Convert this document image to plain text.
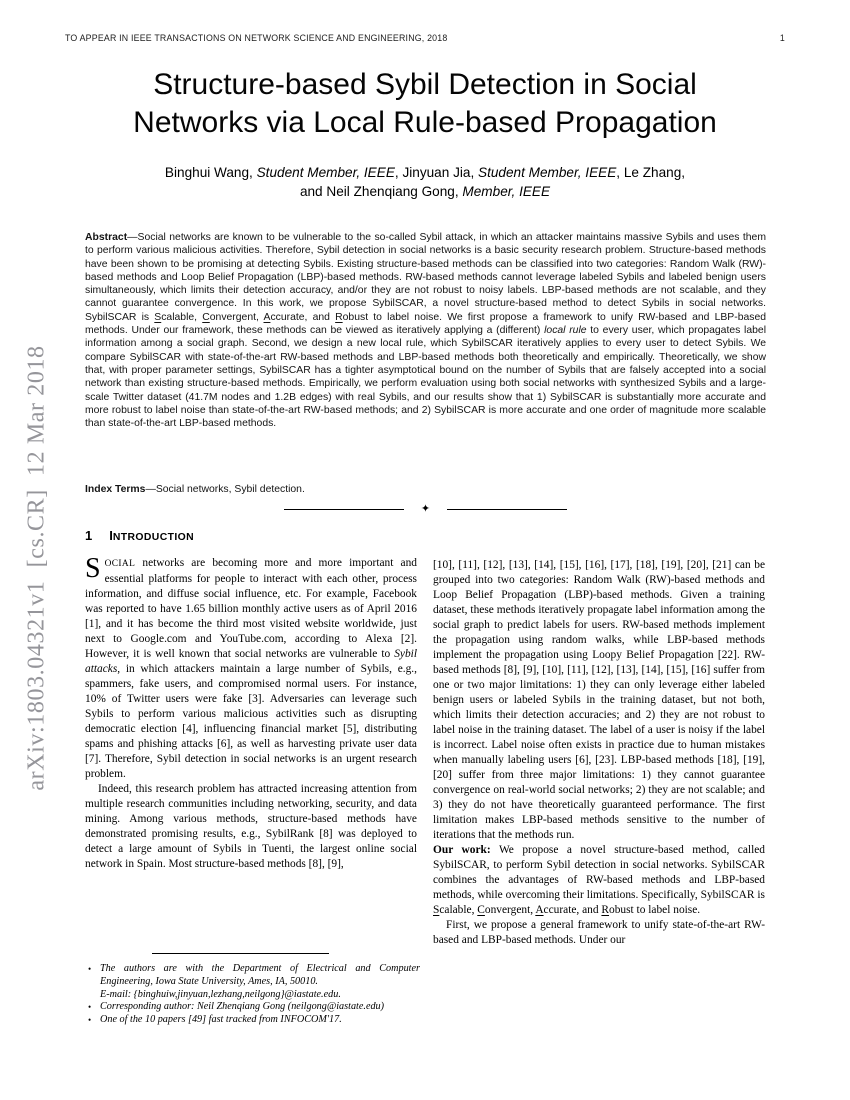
arXiv:1803.04321v1  [cs.CR]  12 Mar 2018
TO APPEAR IN IEEE TRANSACTIONS ON NETWORK SCIENCE AND ENGINEERING, 2018	1
Structure-based Sybil Detection in Social
Networks via Local Rule-based Propagation
Binghui Wang, Student Member, IEEE, Jinyuan Jia, Student Member, IEEE, Le Zhang,
and Neil Zhenqiang Gong, Member, IEEE

Abstract—Social networks are known to be vulnerable to the so-called Sybil attack, in which an attacker maintains massive Sybils and uses them to perform various malicious activities. Therefore, Sybil detection in social networks is a basic security research problem. Structure-based methods have been shown to be promising at detecting Sybils. Existing structure-based methods can be classified into two categories: Random Walk (RW)-based methods and Loop Belief Propagation (LBP)-based methods. RW-based methods cannot leverage labeled Sybils and labeled benign users simultaneously, which limits their detection accuracy, and/or they are not robust to noisy labels. LBP-based methods are not scalable, and they cannot guarantee convergence. In this work, we propose SybilSCAR, a novel structure-based method to detect Sybils in social networks. SybilSCAR is Scalable, Convergent, Accurate, and Robust to label noise. We first propose a framework to unify RW-based and LBP-based methods. Under our framework, these methods can be viewed as iteratively applying a (different) local rule to every user, which propagates label information among a social graph. Second, we design a new local rule, which SybilSCAR iteratively applies to every user to detect Sybils. We compare SybilSCAR with state-of-the-art RW-based methods and LBP-based methods both theoretically and empirically. Theoretically, we show that, with proper parameter settings, SybilSCAR has a tighter asymptotical bound on the number of Sybils that are falsely accepted into a social network than existing structure-based methods. Empirically, we perform evaluation using both social networks with synthesized Sybils and a large-scale Twitter dataset (41.7M nodes and 1.2B edges) with real Sybils, and our results show that 1) SybilSCAR is substantially more accurate and more robust to label noise than state-of-the-art RW-based methods; and 2) SybilSCAR is more accurate and one order of magnitude more scalable than state-of-the-art LBP-based methods.

Index Terms—Social networks, Sybil detection.

✦
1 INTRODUCTION

SOCIAL networks are becoming more and more important and essential platforms for people to interact with each other, process information, and diffuse social influence, etc. For example, Facebook was reported to have 1.65 billion monthly active users as of April 2016 [1], and it has become the third most visited website worldwide, just next to Google.com and YouTube.com, according to Alexa [2]. However, it is well known that social networks are vulnerable to Sybil attacks, in which attackers maintain a large number of Sybils, e.g., spammers, fake users, and compromised normal users. For instance, 10% of Twitter users were fake [3]. Adversaries can leverage such Sybils to perform various malicious activities such as disrupting democratic election [4], influencing financial market [5], distributing spams and phishing attacks [6], as well as harvesting private user data [7]. Therefore, Sybil detection in social networks is an urgent research problem.

Indeed, this research problem has attracted increasing attention from multiple research communities including networking, security, and data mining. Among various methods, structure-based methods have demonstrated promising results, e.g., SybilRank [8] was deployed to detect a large amount of Sybils in Tuenti, the largest online social network in Spain. Most structure-based methods [8], [9],

[10], [11], [12], [13], [14], [15], [16], [17], [18], [19], [20], [21] can be grouped into two categories: Random Walk (RW)-based methods and Loop Belief Propagation (LBP)-based methods. Given a training dataset, these methods iteratively propagate label information among the social graph to predict labels for users. RW-based methods implement the propagation using random walks, while LBP-based methods implement the propagation using Loopy Belief Propagation [22]. RW-based methods [8], [9], [10], [11], [12], [13], [14], [15], [16] suffer from one or two major limitations: 1) they can only leverage either labeled benign users or labeled Sybils in the training dataset, but not both, which limits their detection accuracies; and 2) they are not robust to label noise in the training dataset. The label of a user is noisy if the label is incorrect. Label noise often exists in practice due to human mistakes when manually labeling users [6], [23]. LBP-based methods [18], [19], [20] suffer from three major limitations: 1) they cannot guarantee convergence on real-world social networks; 2) they are not scalable; and 3) they do not have theoretically guaranteed performance. The first limitation makes LBP-based methods sensitive to the number of iterations that the methods run.

Our work: We propose a novel structure-based method, called SybilSCAR, to perform Sybil detection in social networks. SybilSCAR combines the advantages of RW-based methods and LBP-based methods, while overcoming their limitations. Specifically, SybilSCAR is Scalable, Convergent, Accurate, and Robust to label noise.

First, we propose a general framework to unify state-of-the-art RW-based and LBP-based methods. Under our

• The authors are with the Department of Electrical and Computer Engineering, Iowa State University, Ames, IA, 50010.
E-mail: {binghuiw,jinyuan,lezhang,neilgong}@iastate.edu.
• Corresponding author: Neil Zhenqiang Gong (neilgong@iastate.edu)
• One of the 10 papers [49] fast tracked from INFOCOM'17.
